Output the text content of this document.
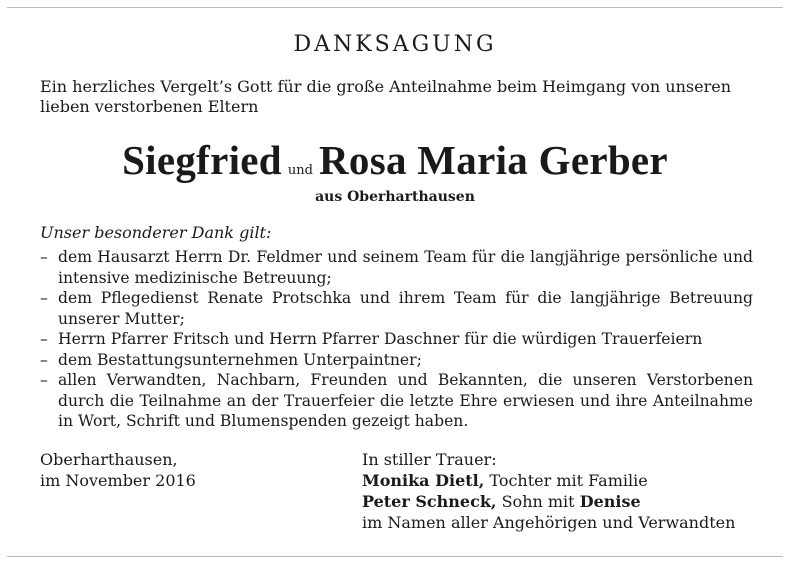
DANKSAGUNG
Ein herzliches Vergelt’s Gott für die große Anteilnahme beim Heimgang von unseren lieben verstorbenen Eltern
Siegfried und Rosa Maria Gerber
aus Oberharthausen
Unser besonderer Dank gilt:
– dem Hausarzt Herrn Dr. Feldmer und seinem Team für die langjährige persönliche und intensive medizinische Betreuung;
– dem Pflegedienst Renate Protschka und ihrem Team für die langjährige Betreuung unserer Mutter;
– Herrn Pfarrer Fritsch und Herrn Pfarrer Daschner für die würdigen Trauerfeiern
– dem Bestattungsunternehmen Unterpaintner;
– allen Verwandten, Nachbarn, Freunden und Bekannten, die unseren Verstorbenen durch die Teilnahme an der Trauerfeier die letzte Ehre erwiesen und ihre Anteilnahme in Wort, Schrift und Blumenspenden gezeigt haben.
Oberharthausen,
im November 2016
In stiller Trauer:
Monika Dietl, Tochter mit Familie
Peter Schneck, Sohn mit Denise
im Namen aller Angehörigen und Verwandten
